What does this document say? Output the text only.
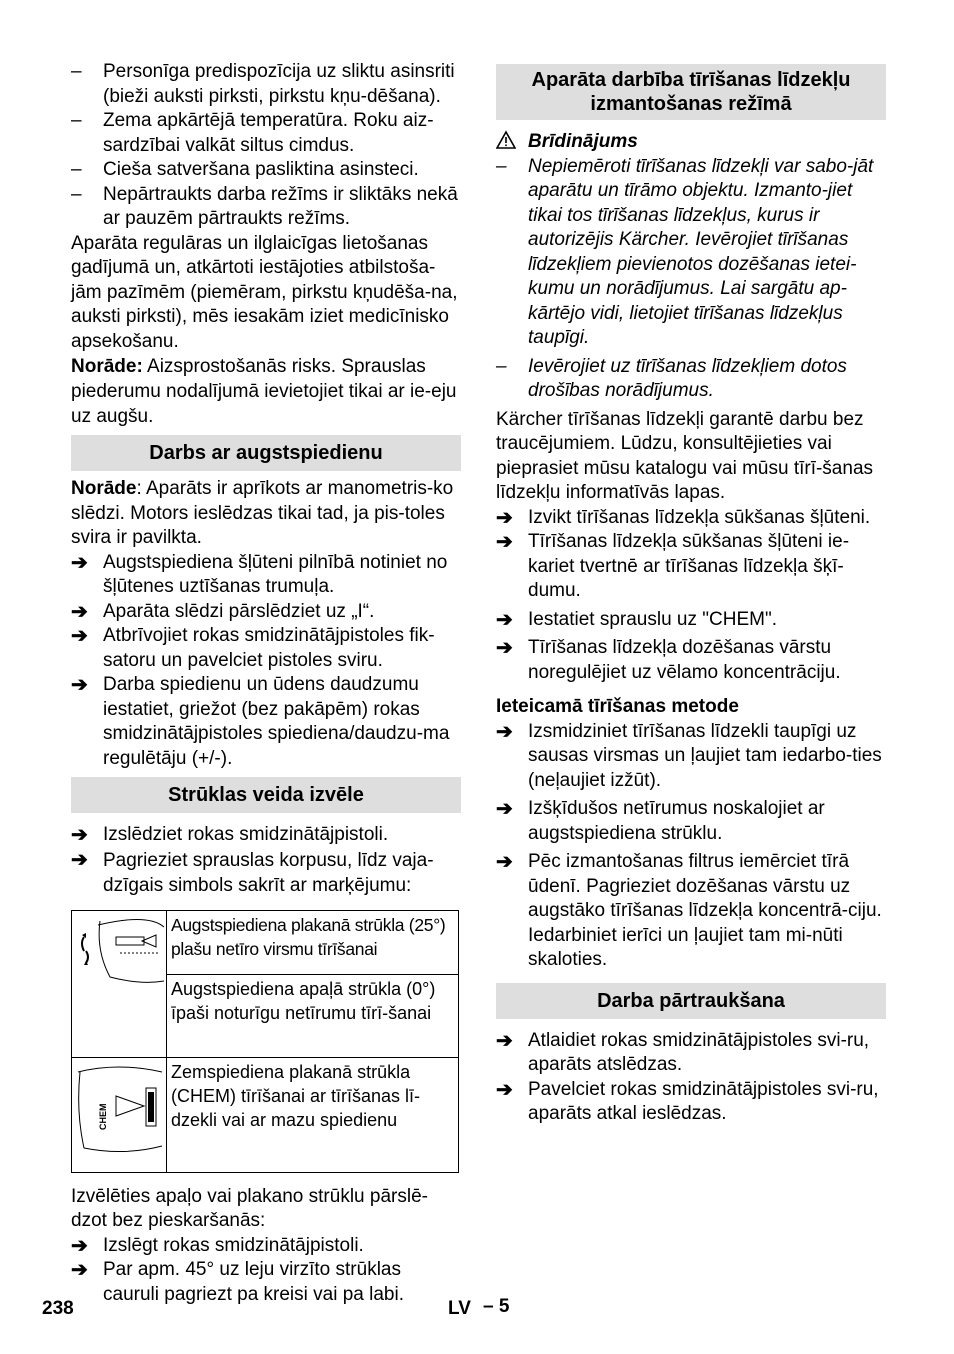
– Personīga predispozīcija uz sliktu asinsriti (bieži auksti pirksti, pirkstu kņu-dēšana).

– Zema apkārtējā temperatūra. Roku aiz-sardzībai valkāt siltus cimdus.

– Cieša satveršana pasliktina asinsteci.

– Nepārtraukts darba režīms ir sliktāks nekā ar pauzēm pārtraukts režīms.

Aparāta regulāras un ilglaicīgas lietošanas gadījumā un, atkārtoti iestājoties atbilstoša-jām pazīmēm (piemēram, pirkstu kņudēša-na, auksti pirksti), mēs iesakām iziet medicīnisko apsekošanu.

Norāde: Aizsprostošanās risks. Sprauslas piederumu nodalījumā ievietojiet tikai ar ie-eju uz augšu.

Darbs ar augstspiedienu

Norāde: Aparāts ir aprīkots ar manometris-ko slēdzi. Motors ieslēdzas tikai tad, ja pis-toles svira ir pavilkta.

➔ Augstspiediena šļūteni pilnībā notiniet no šļūtenes uztīšanas trumuļa.

➔ Aparāta slēdzi pārslēdziet uz „I“.

➔ Atbrīvojiet rokas smidzinātājpistoles fik-satoru un pavelciet pistoles sviru.

➔ Darba spiedienu un ūdens daudzumu iestatiet, griežot (bez pakāpēm) rokas smidzinātājpistoles spiediena/daudzu-ma regulētāju (+/-).

Strūklas veida izvēle

➔ Izslēdziet rokas smidzinātājpistoli.

➔ Pagrieziet sprauslas korpusu, līdz vaja-dzīgais simbols sakrīt ar marķējumu:

	Augstspiediena plakanā strūkla (25°) plašu netīro virsmu tīrīšanai
	Augstspiediena apaļā strūkla (0°) īpaši noturīgu netīrumu tīrī-šanai

CHEM	Zemspiediena plakanā strūkla (CHEM) tīrīšanai ar tīrīšanas lī-dzekli vai ar mazu spiedienu

Izvēlēties apaļo vai plakano strūklu pārslē-dzot bez pieskaršanās:

➔ Izslēgt rokas smidzinātājpistoli.

➔ Par apm. 45° uz leju virzīto strūklas cauruli pagriezt pa kreisi vai pa labi.

Aparāta darbība tīrīšanas līdzekļu izmantošanas režīmā

Brīdinājums

– Nepiemēroti tīrīšanas līdzekļi var sabo-jāt aparātu un tīrāmo objektu. Izmanto-jiet tikai tos tīrīšanas līdzekļus, kurus ir autorizējis Kärcher. Ievērojiet tīrīšanas līdzekļiem pievienotos dozēšanas ietei-kumu un norādījumus. Lai sargātu ap-kārtējo vidi, lietojiet tīrīšanas līdzekļus taupīgi.

– Ievērojiet uz tīrīšanas līdzekļiem dotos drošības norādījumus.

Kärcher tīrīšanas līdzekļi garantē darbu bez traucējumiem. Lūdzu, konsultējieties vai pieprasiet mūsu katalogu vai mūsu tīrī-šanas līdzekļu informatīvās lapas.

➔ Izvikt tīrīšanas līdzekļa sūkšanas šļūteni.

➔ Tīrīšanas līdzekļa sūkšanas šļūteni ie-kariet tvertnē ar tīrīšanas līdzekļa šķī-dumu.

➔ Iestatiet sprauslu uz "CHEM".

➔ Tīrīšanas līdzekļa dozēšanas vārstu noregulējiet uz vēlamo koncentrāciju.

Ieteicamā tīrīšanas metode

➔ Izsmidziniet tīrīšanas līdzekli taupīgi uz sausas virsmas un ļaujiet tam iedarbo-ties (neļaujiet izžūt).

➔ Izšķīdušos netīrumus noskalojiet ar augstspiediena strūklu.

➔ Pēc izmantošanas filtrus iemērciet tīrā ūdenī. Pagrieziet dozēšanas vārstu uz augstāko tīrīšanas līdzekļa koncentrā-ciju. Iedarbiniet ierīci un ļaujiet tam mi-nūti skaloties.

Darba pārtraukšana

➔ Atlaidiet rokas smidzinātājpistoles svi-ru, aparāts atslēdzas.

➔ Pavelciet rokas smidzinātājpistoles svi-ru, aparāts atkal ieslēdzas.

238	LV – 5
